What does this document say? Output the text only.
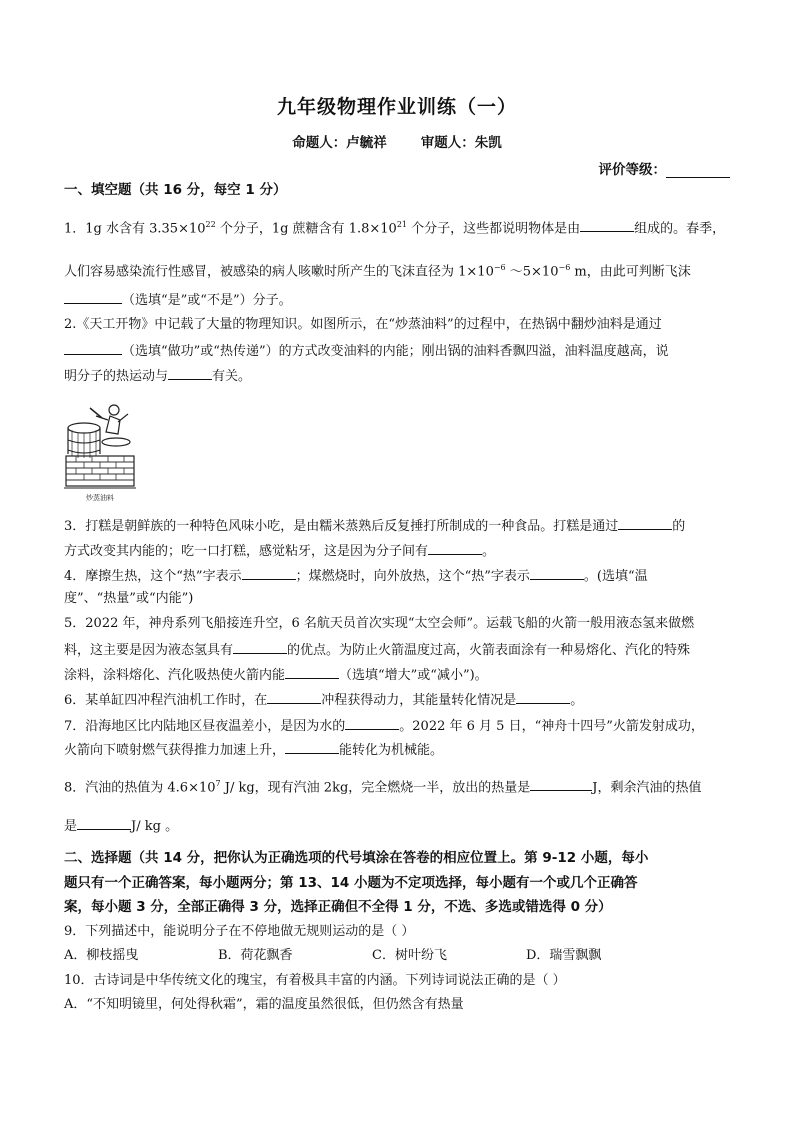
九年级物理作业训练（一）
命题人：卢毓祥	审题人：朱凯
评价等级：
一、填空题（共 16 分，每空 1 分）
1．1g 水含有 $3.35\times 10^{22}$ 个分子，1g 蔗糖含有 $1.8\times 10^{21}$ 个分子，这些都说明物体是由	组成的。春季，
人们容易感染流行性感冒，被感染的病人咳嗽时所产生的飞沫直径为 $1\times 10^{-6}$ $\sim 5\times 10^{-6}$ m，由此可判断飞沫
（选填“是”或“不是”）分子。
2.《天工开物》中记载了大量的物理知识。如图所示，在“炒蒸油料”的过程中，在热锅中翻炒油料是通过
（选填“做功”或“热传递”）的方式改变油料的内能；刚出锅的油料香飘四溢，油料温度越高，说
明分子的热运动与	有关。
炒蒸油料
3．打糕是朝鲜族的一种特色风味小吃，是由糯米蒸熟后反复捶打所制成的一种食品。打糕是通过	的
方式改变其内能的；吃一口打糕，感觉粘牙，这是因为分子间有	。
4．摩擦生热，这个“热”字表示	；煤燃烧时，向外放热，这个“热”字表示	。(选填“温
度”、“热量”或“内能”)
5．2022 年，神舟系列飞船接连升空，6 名航天员首次实现“太空会师”。运载飞船的火箭一般用液态氢来做燃
料，这主要是因为液态氢具有	的优点。为防止火箭温度过高，火箭表面涂有一种易熔化、汽化的特殊
涂料，涂料熔化、汽化吸热使火箭内能	（选填“增大”或“减小”)。
6．某单缸四冲程汽油机工作时，在	冲程获得动力，其能量转化情况是	。
7．沿海地区比内陆地区昼夜温差小，是因为水的	。2022 年 6 月 5 日，“神舟十四号”火箭发射成功，
火箭向下喷射燃气获得推力加速上升，	能转化为机械能。
8．汽油的热值为 $4.6\times 10^7$ J/ kg，现有汽油 2kg，完全燃烧一半，放出的热量是	J，剩余汽油的热值
是	J/ kg 。
二、选择题（共 14 分，把你认为正确选项的代号填涂在答卷的相应位置上。第 9-12 小题，每小
题只有一个正确答案，每小题两分；第 13、14 小题为不定项选择，每小题有一个或几个正确答
案，每小题 3 分，全部正确得 3 分，选择正确但不全得 1 分，不选、多选或错选得 0 分）
9．下列描述中，能说明分子在不停地做无规则运动的是（ ）
A．柳枝摇曳	B．荷花飘香	C．树叶纷飞	D．瑞雪飘飘
10．古诗词是中华传统文化的瑰宝，有着极具丰富的内涵。下列诗词说法正确的是（ ）
A．“不知明镜里，何处得秋霜”，霜的温度虽然很低，但仍然含有热量
